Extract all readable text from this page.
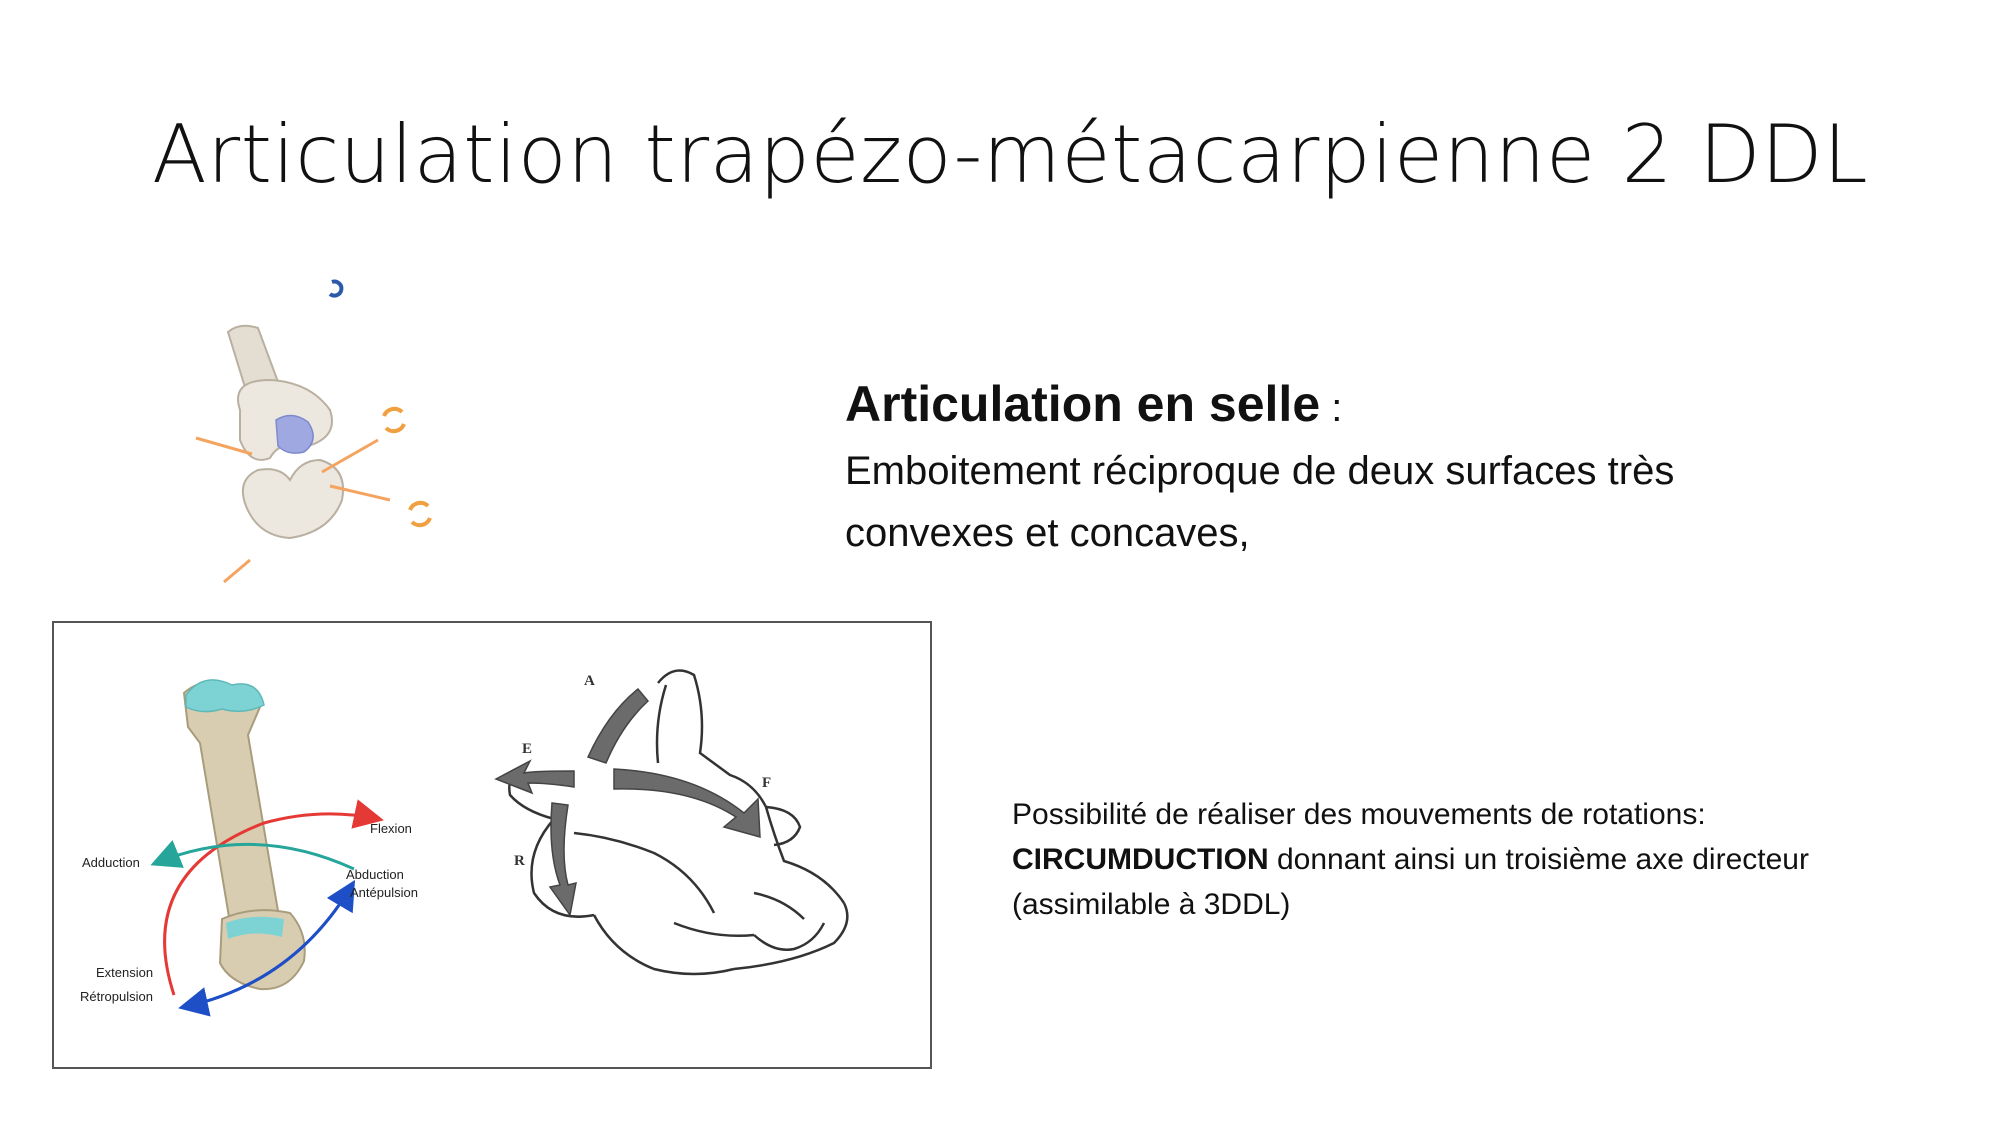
Articulation trapézo-métacarpienne 2 DDL
Flexion
Adduction
Abduction
Antépulsion
Extension
Rétropulsion
A
E
F
R
Articulation en selle :
Emboitement réciproque de deux surfaces très
convexes et concaves,
Possibilité de réaliser des mouvements de rotations:
CIRCUMDUCTION donnant ainsi un troisième axe directeur
(assimilable à 3DDL)
